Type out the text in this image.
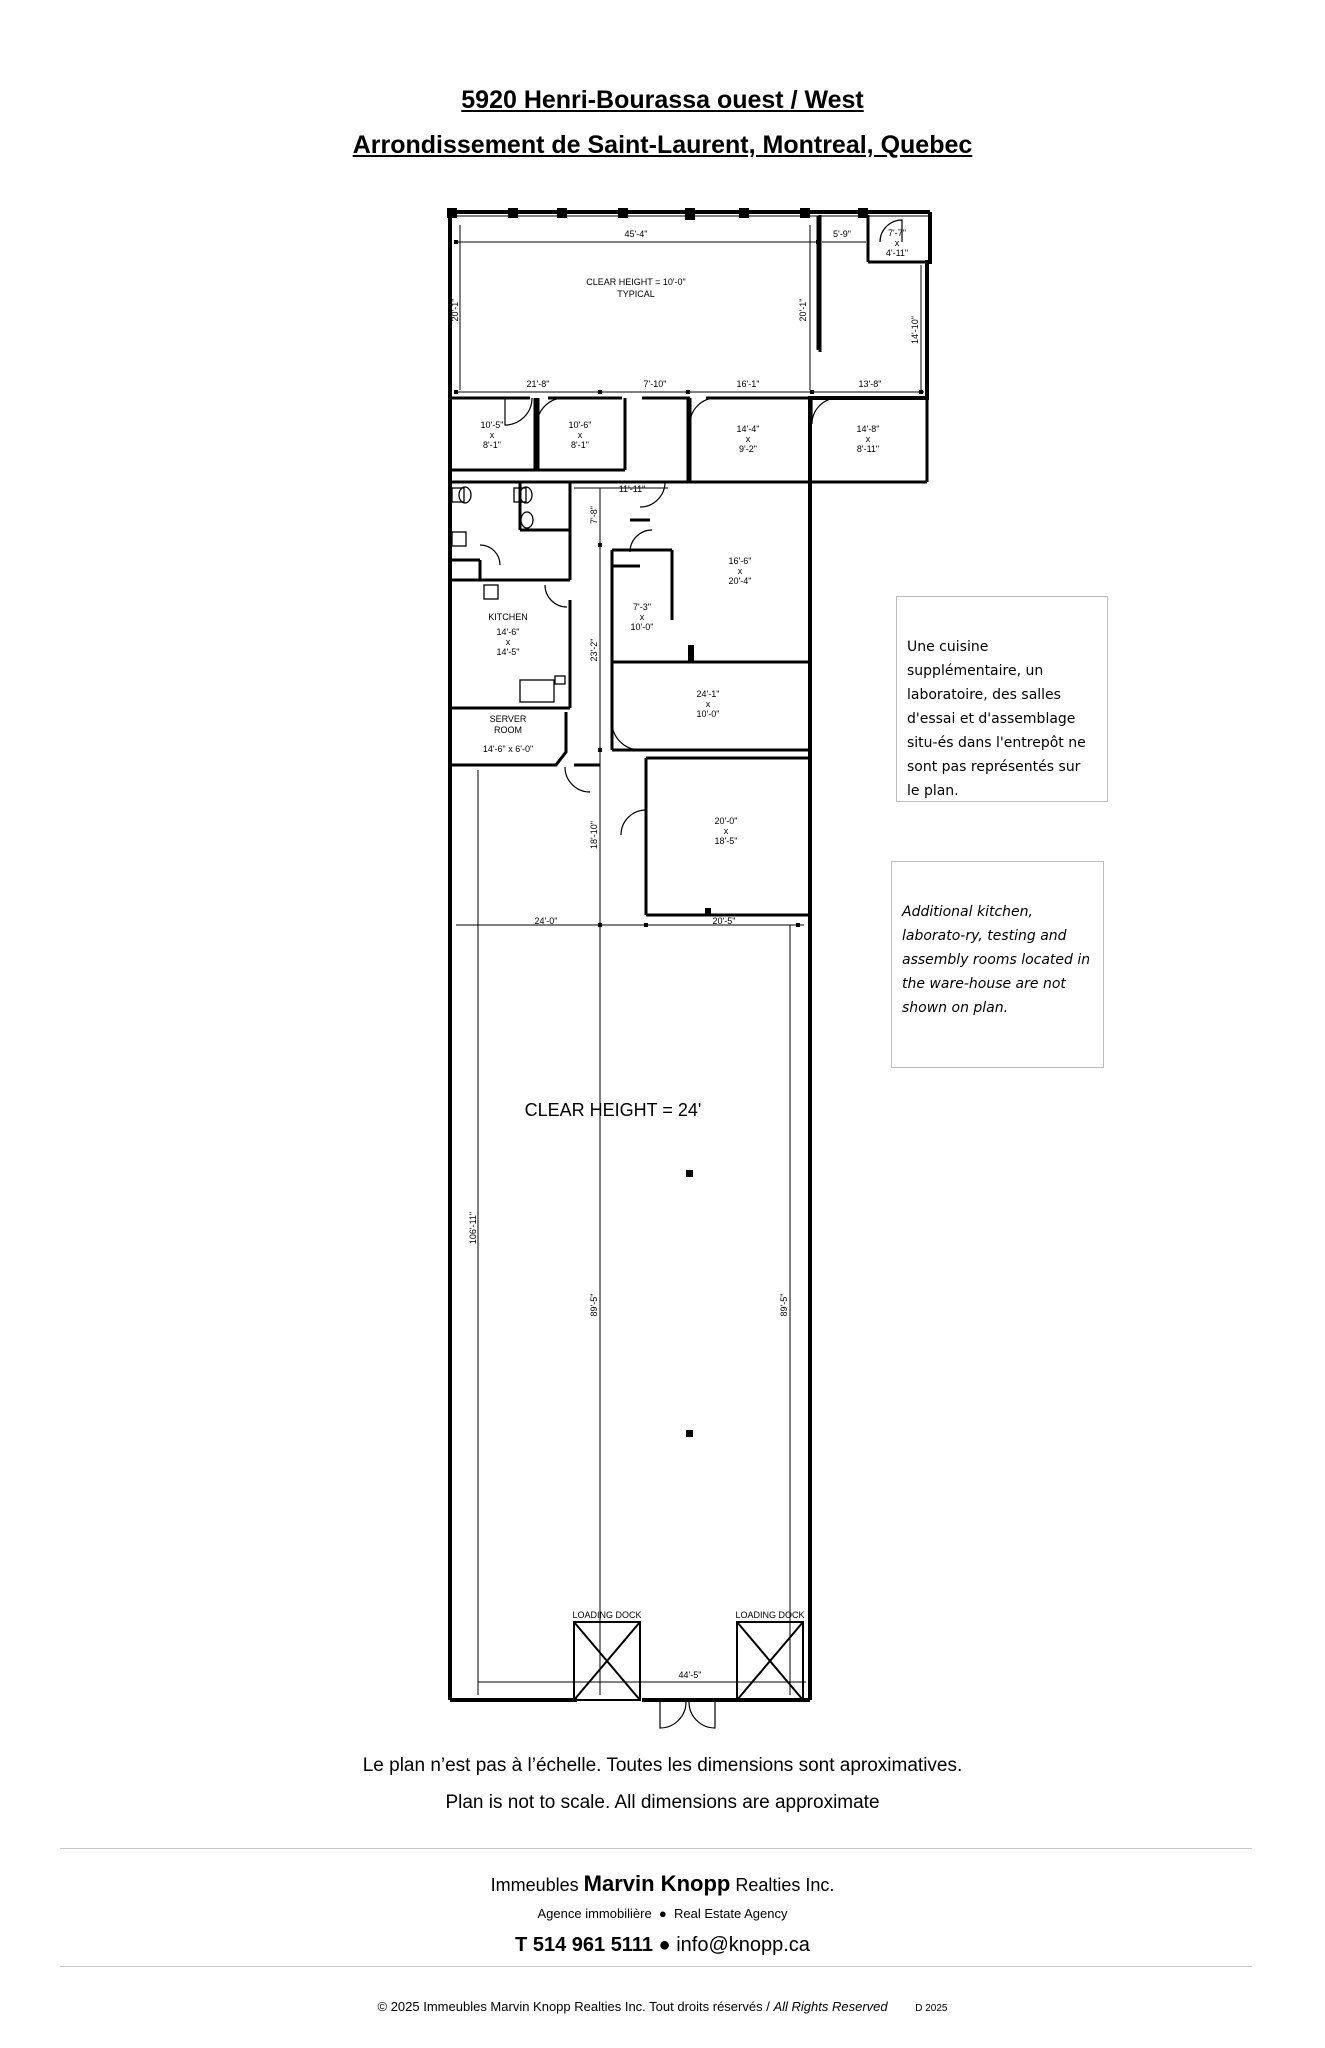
5920 Henri-Bourassa ouest / West
Arrondissement de Saint-Laurent, Montreal, Quebec
45'-4"	5'-9"	7'-7"
x
4'-11"
CLEAR HEIGHT = 10'-0"
TYPICAL
20'-1"	20'-1"
14'-10"
21'-8"	7'-10"	16'-1"	13'-8"
10'-5"
x
8'-1"
10'-6"
x
8'-1"
14'-4"
x
9'-2"
14'-8"
x
8'-11"
11'-11"
7'-8"
16'-6"
x
20'-4"
7'-3"
x
10'-0"
KITCHEN
14'-6"
x
14'-5"	23'-2"
24'-1"
x
10'-0"
SERVER
ROOM
14'-6" x 6'-0"
18'-10"
20'-0"
x
18'-5"
24'-0"	20'-5"
106'-11"
89'-5"	89'-5"
LOADING DOCK	LOADING DOCK
44'-5"
CLEAR HEIGHT = 24'
Une cuisine supplémentaire, un laboratoire, des salles d'essai et d'assemblage situ-és dans l'entrepôt ne sont pas représentés sur le plan.
Additional kitchen, laborato-ry, testing and assembly rooms located in the ware-house are not shown on plan.
Le plan n’est pas à l’échelle. Toutes les dimensions sont aproximatives.
Plan is not to scale. All dimensions are approximate
Immeubles Marvin Knopp Realties Inc.
Agence immobilière  ●  Real Estate Agency
T 514 961 5111 ● info@knopp.ca
© 2025 Immeubles Marvin Knopp Realties Inc. Tout droits réservés / All Rights Reserved	D 2025
